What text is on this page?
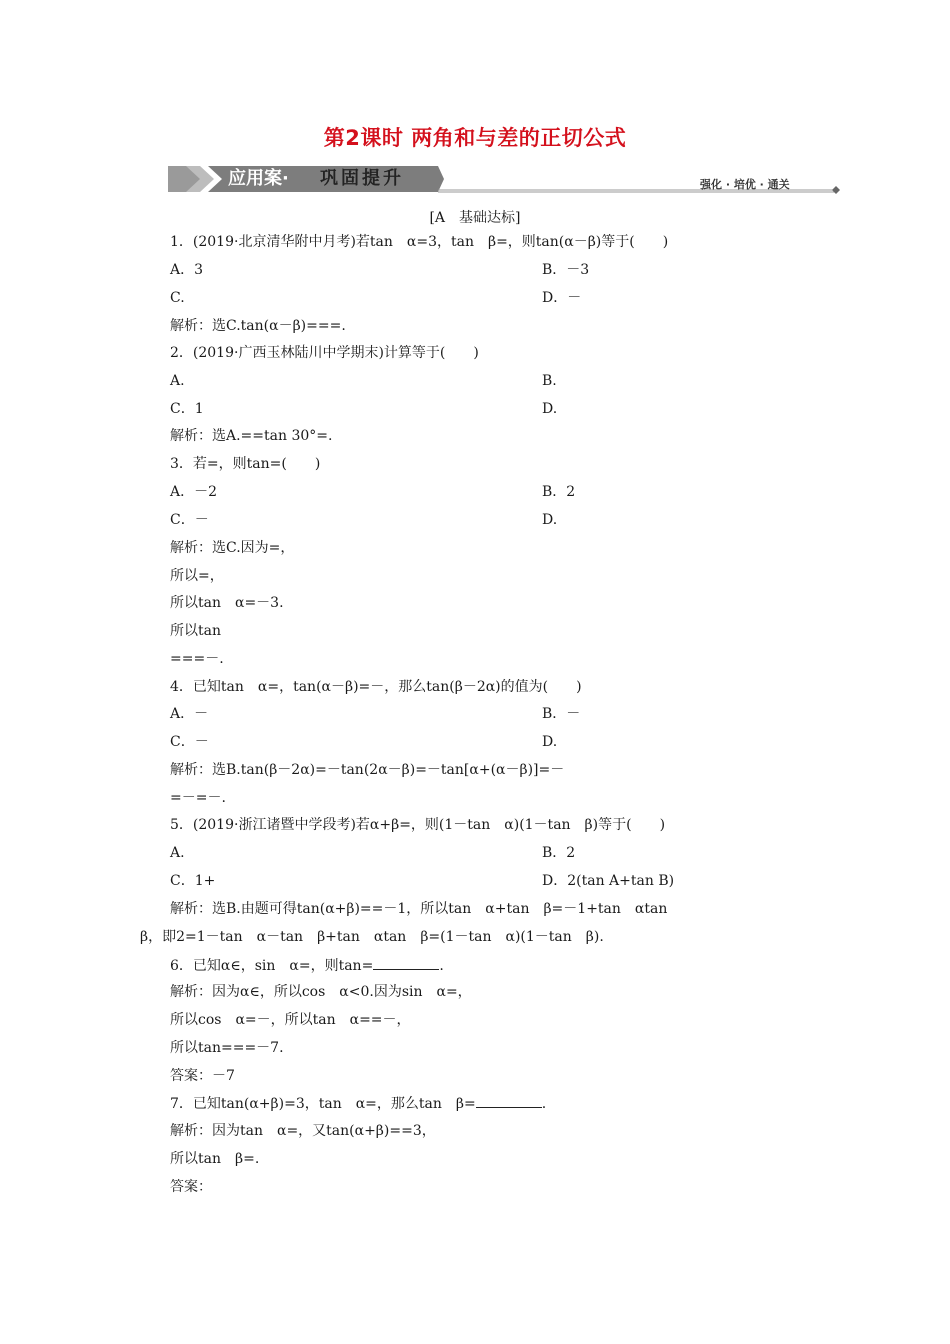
第2课时 两角和与差的正切公式
应用案· 巩固提升	强化 · 培优 · 通关
[A　基础达标]
1．(2019·北京清华附中月考)若tan　α=3，tan　β=，则tan(α－β)等于(　　)
A．3	B．－3
C.	D．－
解析：选C.tan(α－β)===.
2．(2019·广西玉林陆川中学期末)计算等于(　　)
A.	B.
C．1	D.
解析：选A.==tan 30°=.
3．若=，则tan=(　　)
A．－2	B．2
C．－	D.
解析：选C.因为=，
所以=，
所以tan　α=－3.
所以tan
===－.
4．已知tan　α=，tan(α－β)=－，那么tan(β－2α)的值为(　　)
A．－	B．－
C．－	D.
解析：选B.tan(β－2α)=－tan(2α－β)=－tan[α+(α－β)]=－
=－=－.
5．(2019·浙江诸暨中学段考)若α+β=，则(1－tan　α)(1－tan　β)等于(　　)
A.	B．2
C．1+	D．2(tan A+tan B)
解析：选B.由题可得tan(α+β)==－1，所以tan　α+tan　β=－1+tan　αtan
β，即2=1－tan　α－tan　β+tan　αtan　β=(1－tan　α)(1－tan　β).
6．已知α∈，sin　α=，则tan=	.
解析：因为α∈，所以cos　α<0.因为sin　α=，
所以cos　α=－，所以tan　α==－，
所以tan===－7.
答案：－7
7．已知tan(α+β)=3，tan　α=，那么tan　β=	.
解析：因为tan　α=，又tan(α+β)==3，
所以tan　β=.
答案：
